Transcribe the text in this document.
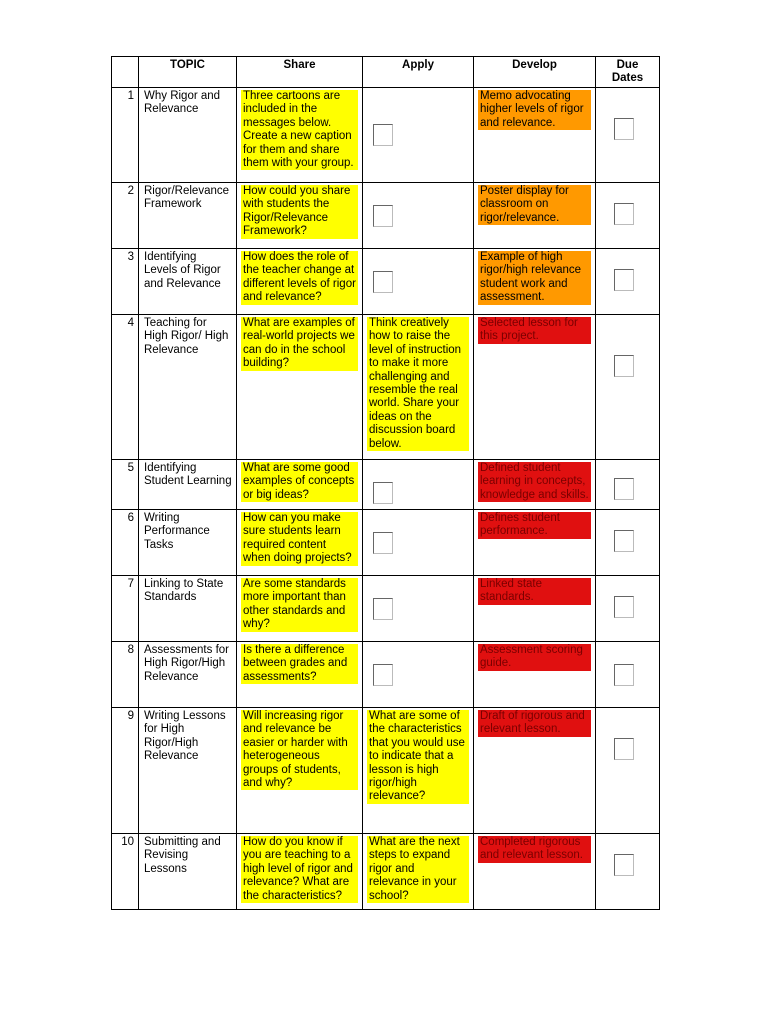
	TOPIC	Share	Apply	Develop	Due Dates
1	Why Rigor and Relevance	Three cartoons are included in the messages below. Create a new caption for them and share them with your group.		Memo advocating higher levels of rigor and relevance.	

2	Rigor/Relevance Framework	How could you share with students the Rigor/Relevance Framework?		Poster display for classroom on rigor/relevance.	

3	Identifying Levels of Rigor and Relevance	How does the role of the teacher change at different levels of rigor and relevance?		Example of high rigor/high relevance student work and assessment.	

4	Teaching for High Rigor/ High Relevance	What are examples of real-world projects we can do in the school building?	Think creatively how to raise the level of instruction to make it more challenging and resemble the real world. Share your ideas on the discussion board below.	Selected lesson for this project.	

5	Identifying Student Learning	What are some good examples of concepts or big ideas?		Defined student learning in concepts, knowledge and skills.	

6	Writing Performance Tasks	How can you make sure students learn required content when doing projects?		Defines student performance.	

7	Linking to State Standards	Are some standards more important than other standards and why?		Linked state standards.	

8	Assessments for High Rigor/High Relevance	Is there a difference between grades and assessments?		Assessment scoring guide.	

9	Writing Lessons for High Rigor/High Relevance	Will increasing rigor and relevance be easier or harder with heterogeneous groups of students, and why?	What are some of the characteristics that you would use to indicate that a lesson is high rigor/high relevance?	Draft of rigorous and relevant lesson.	

10	Submitting and Revising Lessons	How do you know if you are teaching to a high level of rigor and relevance? What are the characteristics?	What are the next steps to expand rigor and relevance in your school?	Completed rigorous and relevant lesson.	
